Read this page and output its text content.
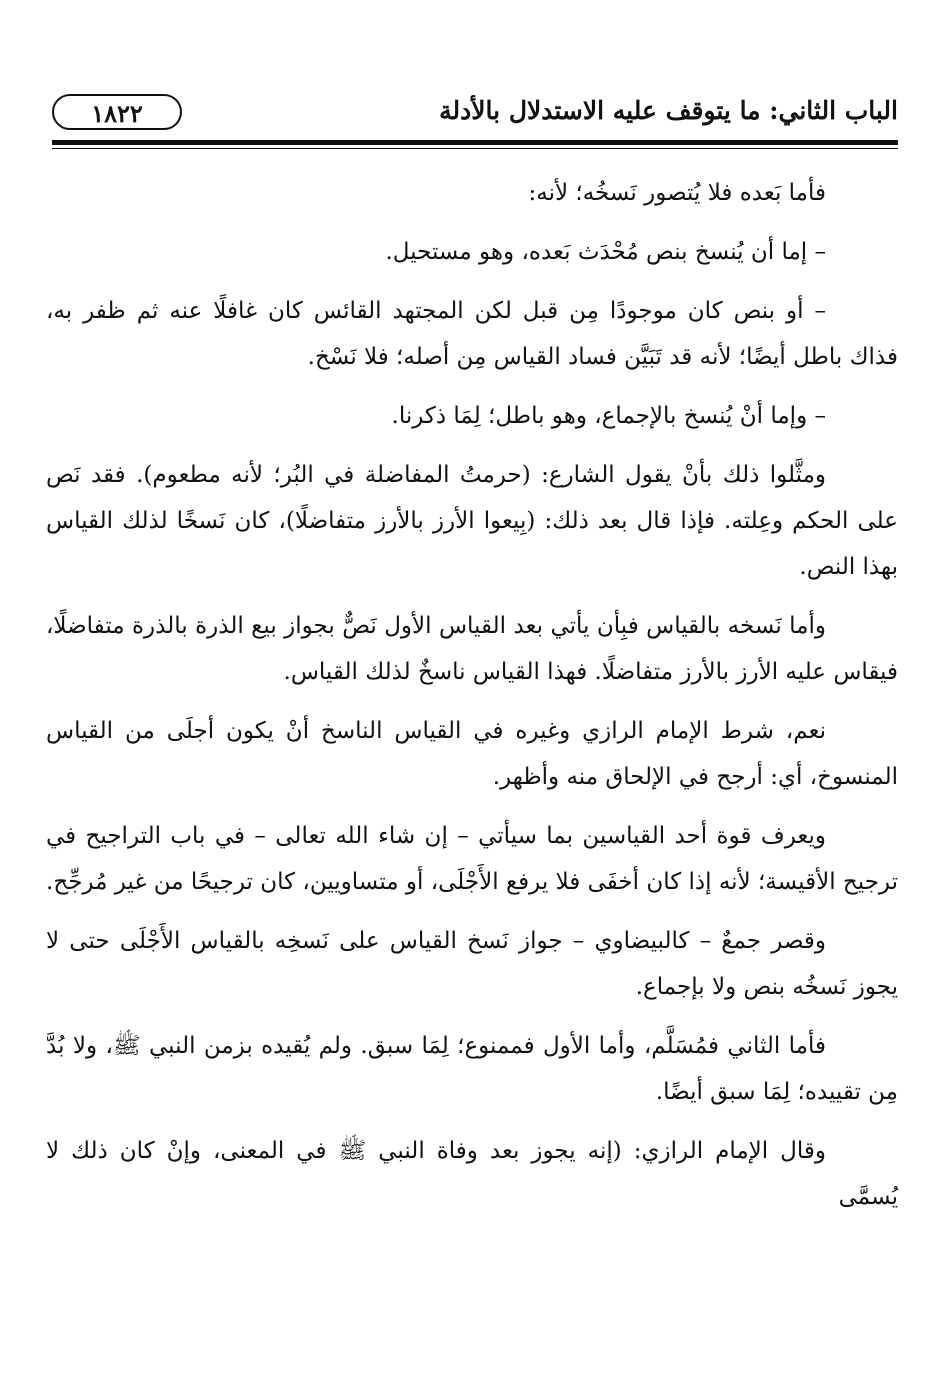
الباب الثاني: ما يتوقف عليه الاستدلال بالأدلة
١٨٢٢

فأما بَعده فلا يُتصور نَسخُه؛ لأنه:

– إما أن يُنسخ بنص مُحْدَث بَعده، وهو مستحيل.

– أو بنص كان موجودًا مِن قبل لكن المجتهد القائس كان غافلًا عنه ثم ظفر به، فذاك باطل أيضًا؛ لأنه قد تَبَيَّن فساد القياس مِن أصله؛ فلا نَسْخ.

– وإما أنْ يُنسخ بالإجماع، وهو باطل؛ لِمَا ذكرنا.

ومثَّلوا ذلك بأنْ يقول الشارع: (حرمتُ المفاضلة في البُر؛ لأنه مطعوم). فقد نَص على الحكم وعِلته. فإذا قال بعد ذلك: (بِيعوا الأرز بالأرز متفاضلًا)، كان نَسخًا لذلك القياس بهذا النص.

وأما نَسخه بالقياس فبِأن يأتي بعد القياس الأول نَصٌّ بجواز بيع الذرة بالذرة متفاضلًا، فيقاس عليه الأرز بالأرز متفاضلًا. فهذا القياس ناسخٌ لذلك القياس.

نعم، شرط الإمام الرازي وغيره في القياس الناسخ أنْ يكون أجلَى من القياس المنسوخ، أي: أرجح في الإلحاق منه وأظهر.

ويعرف قوة أحد القياسين بما سيأتي – إن شاء الله تعالى – في باب التراجيح في ترجيح الأقيسة؛ لأنه إذا كان أخفَى فلا يرفع الأَجْلَى، أو متساويين، كان ترجيحًا من غير مُرجِّح.

وقصر جمعٌ – كالبيضاوي – جواز نَسخ القياس على نَسخِه بالقياس الأَجْلَى حتى لا يجوز نَسخُه بنص ولا بإجماع.

فأما الثاني فمُسَلَّم، وأما الأول فممنوع؛ لِمَا سبق. ولم يُقيده بزمن النبي ﷺ، ولا بُدَّ مِن تقييده؛ لِمَا سبق أيضًا.

وقال الإمام الرازي: (إنه يجوز بعد وفاة النبي ﷺ في المعنى، وإنْ كان ذلك لا يُسمَّى
